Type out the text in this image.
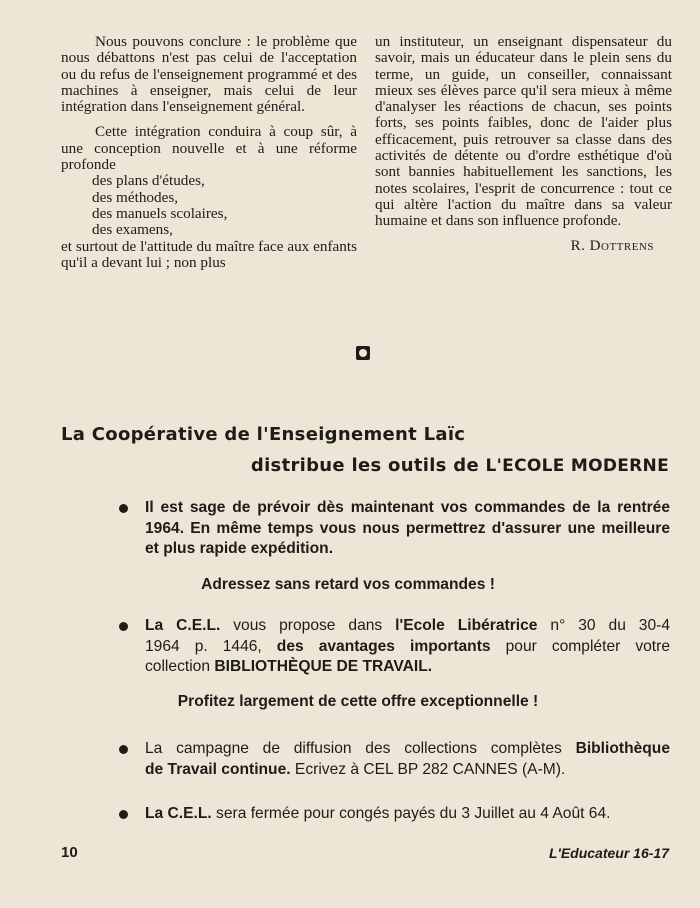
Nous pouvons conclure : le problème que nous débattons n'est pas celui de l'acceptation ou du refus de l'enseignement programmé et des machines à enseigner, mais celui de leur intégration dans l'enseignement général.

Cette intégration conduira à coup sûr, à une conception nouvelle et à une réforme profonde

des plans d'études,
des méthodes,
des manuels scolaires,
des examens,

et surtout de l'attitude du maître face aux enfants qu'il a devant lui ; non plus

un instituteur, un enseignant dispensateur du savoir, mais un éducateur dans le plein sens du terme, un guide, un conseiller, connaissant mieux ses élèves parce qu'il sera mieux à même d'analyser les réactions de chacun, ses points forts, ses points faibles, donc de l'aider plus efficacement, puis retrouver sa classe dans des activités de détente ou d'ordre esthétique d'où sont bannies habituellement les sanctions, les notes scolaires, l'esprit de concurrence : tout ce qui altère l'action du maître dans sa valeur humaine et dans son influence profonde.

R. Dottrens
La Coopérative de l'Enseignement Laïc
distribue les outils de L'ECOLE MODERNE
Il est sage de prévoir dès maintenant vos commandes de la rentrée 1964. En même temps vous nous permettrez d'assurer une meilleure et plus rapide expédition.
Adressez sans retard vos commandes !
La C.E.L. vous propose dans l'Ecole Libératrice n° 30 du 30-4
1964 p. 1446, des avantages importants pour compléter votre
collection BIBLIOTHÈQUE DE TRAVAIL.
Profitez largement de cette offre exceptionnelle !
La campagne de diffusion des collections complètes Bibliothèque
de Travail continue. Ecrivez à CEL BP 282 CANNES (A-M).
La C.E.L. sera fermée pour congés payés du 3 Juillet au 4 Août 64.
10	L'Educateur 16-17
